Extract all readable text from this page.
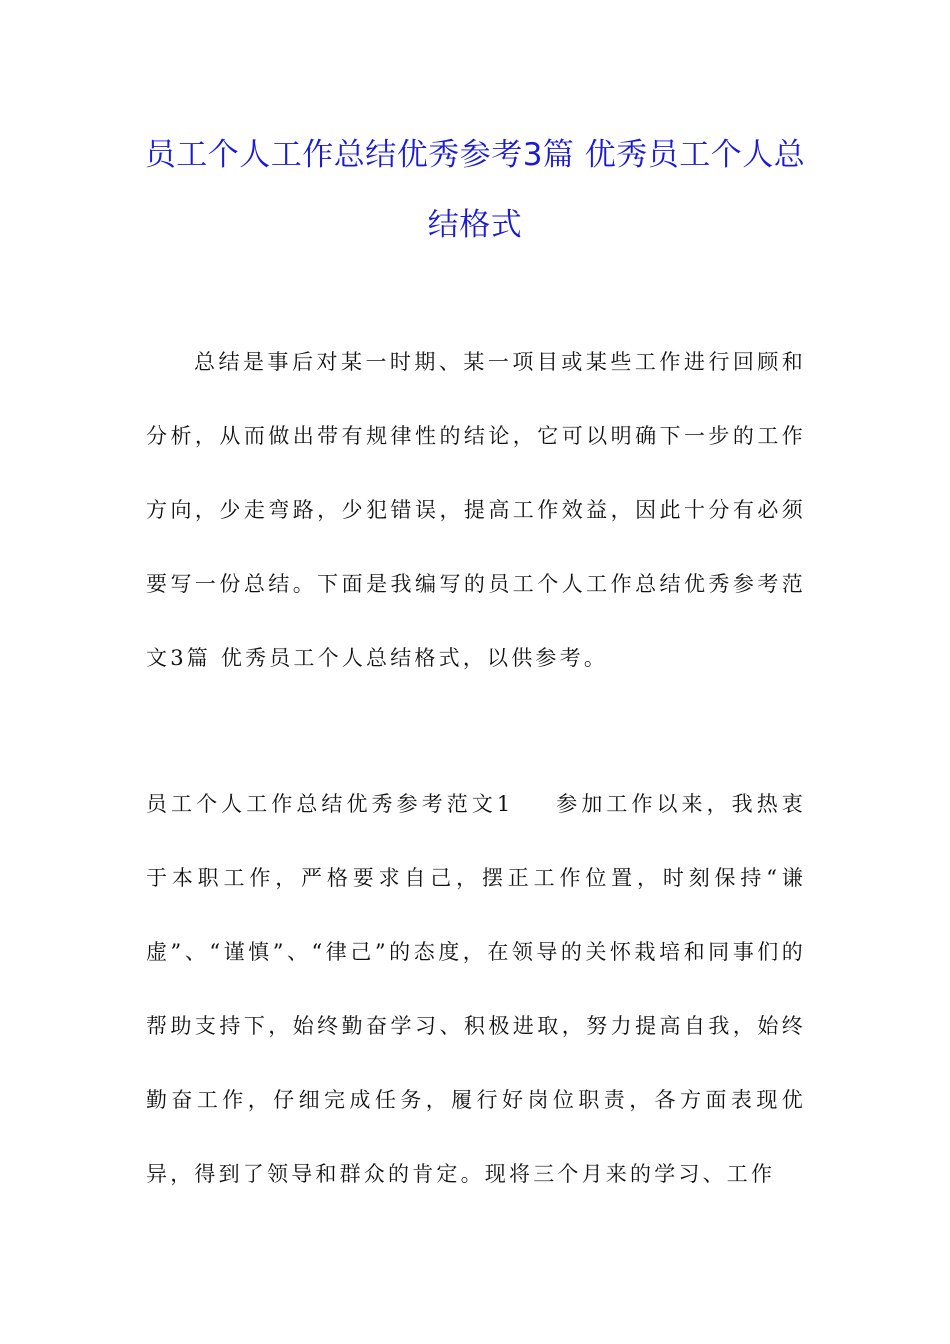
员工个人工作总结优秀参考3篇 优秀员工个人总结格式

总结是事后对某一时期、某一项目或某些工作进行回顾和分析，从而做出带有规律性的结论，它可以明确下一步的工作方向，少走弯路，少犯错误，提高工作效益，因此十分有必须要写一份总结。下面是我编写的员工个人工作总结优秀参考范文3篇 优秀员工个人总结格式，以供参考。

员工个人工作总结优秀参考范文1 参加工作以来，我热衷于本职工作，严格要求自己，摆正工作位置，时刻保持“谦虚”、“谨慎”、“律己”的态度，在领导的关怀栽培和同事们的帮助支持下，始终勤奋学习、积极进取，努力提高自我，始终勤奋工作，仔细完成任务，履行好岗位职责，各方面表现优异，得到了领导和群众的肯定。现将三个月来的学习、工作
